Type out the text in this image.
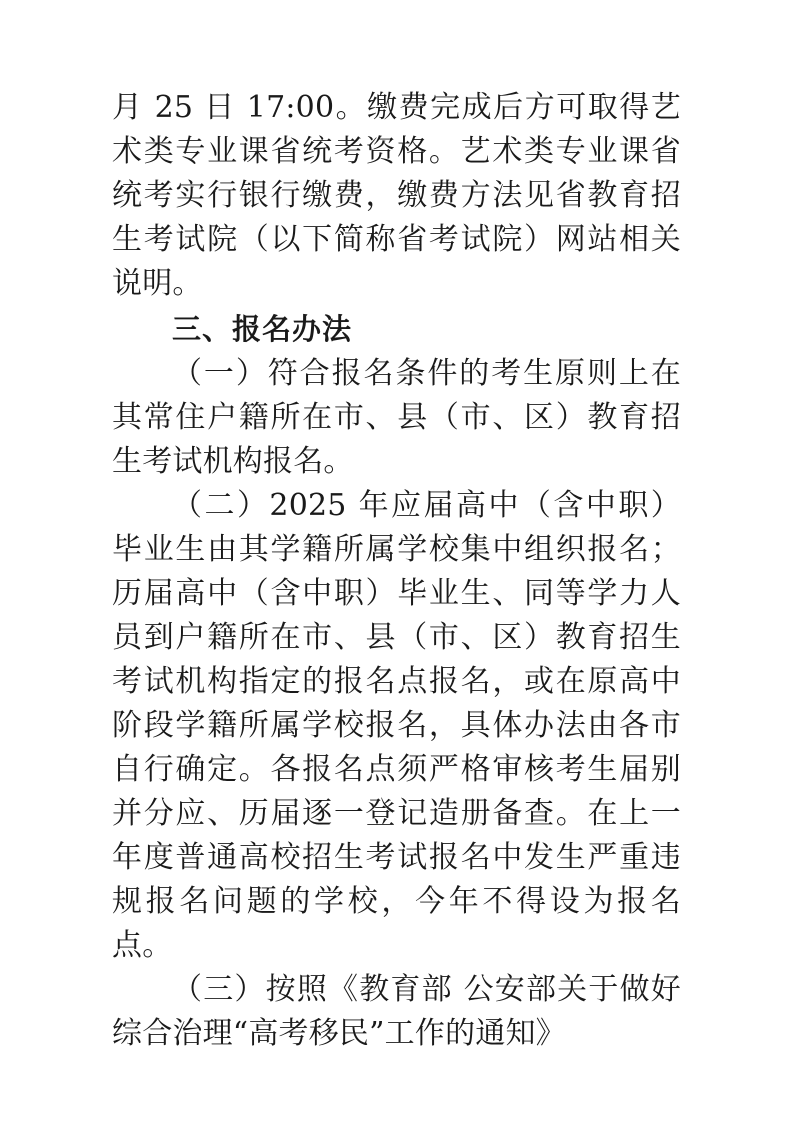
月 25 日 17:00。缴费完成后方可取得艺术类专业课省统考资格。艺术类专业课省统考实行银行缴费，缴费方法见省教育招生考试院（以下简称省考试院）网站相关说明。

三、报名办法

（一）符合报名条件的考生原则上在其常住户籍所在市、县（市、区）教育招生考试机构报名。

（二）2025 年应届高中（含中职）毕业生由其学籍所属学校集中组织报名；历届高中（含中职）毕业生、同等学力人员到户籍所在市、县（市、区）教育招生考试机构指定的报名点报名，或在原高中阶段学籍所属学校报名，具体办法由各市自行确定。各报名点须严格审核考生届别并分应、历届逐一登记造册备查。在上一年度普通高校招生考试报名中发生严重违规报名问题的学校，今年不得设为报名点。

（三）按照《教育部 公安部关于做好综合治理“高考移民”工作的通知》
